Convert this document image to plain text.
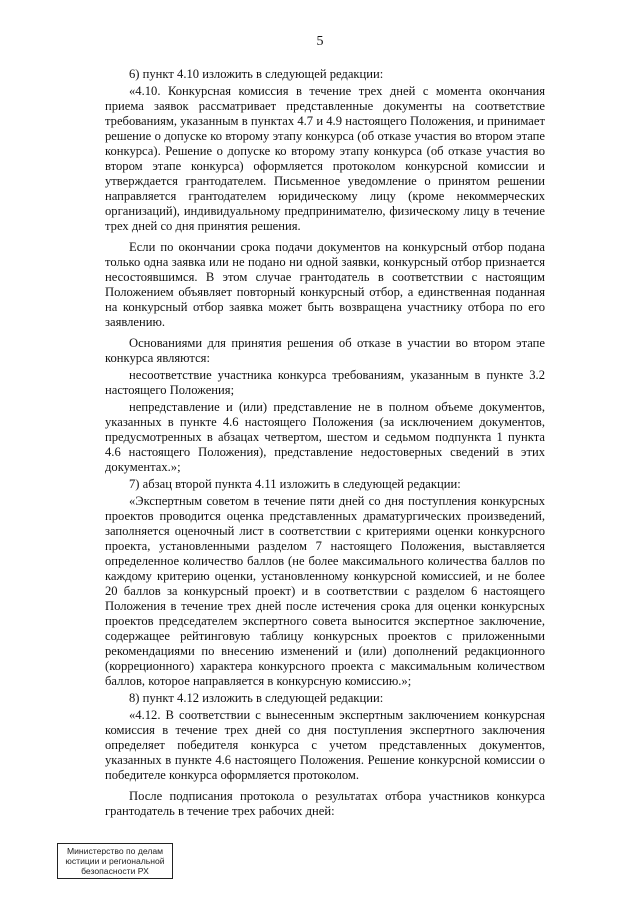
5

6) пункт 4.10 изложить в следующей редакции:

«4.10. Конкурсная комиссия в течение трех дней с момента окончания приема заявок рассматривает представленные документы на соответствие требованиям, указанным в пунктах 4.7 и 4.9 настоящего Положения, и принимает решение о допуске ко второму этапу конкурса (об отказе участия во втором этапе конкурса). Решение о допуске ко второму этапу конкурса (об отказе участия во втором этапе конкурса) оформляется протоколом конкурсной комиссии и утверждается грантодателем. Письменное уведомление о принятом решении направляется грантодателем юридическому лицу (кроме некоммерческих организаций), индивидуальному предпринимателю, физическому лицу в течение трех дней со дня принятия решения.

Если по окончании срока подачи документов на конкурсный отбор подана только одна заявка или не подано ни одной заявки, конкурсный отбор признается несостоявшимся. В этом случае грантодатель в соответствии с настоящим Положением объявляет повторный конкурсный отбор, а единственная поданная на конкурсный отбор заявка может быть возвращена участнику отбора по его заявлению.

Основаниями для принятия решения об отказе в участии во втором этапе конкурса являются:

несоответствие участника конкурса требованиям, указанным в пункте 3.2 настоящего Положения;

непредставление и (или) представление не в полном объеме документов, указанных в пункте 4.6 настоящего Положения (за исключением документов, предусмотренных в абзацах четвертом, шестом и седьмом подпункта 1 пункта 4.6 настоящего Положения), представление недостоверных сведений в этих документах.»;

7) абзац второй пункта 4.11 изложить в следующей редакции:

«Экспертным советом в течение пяти дней со дня поступления конкурсных проектов проводится оценка представленных драматургических произведений, заполняется оценочный лист в соответствии с критериями оценки конкурсного проекта, установленными разделом 7 настоящего Положения, выставляется определенное количество баллов (не более максимального количества баллов по каждому критерию оценки, установленному конкурсной комиссией, и не более 20 баллов за конкурсный проект) и в соответствии с разделом 6 настоящего Положения в течение трех дней после истечения срока для оценки конкурсных проектов председателем экспертного совета выносится экспертное заключение, содержащее рейтинговую таблицу конкурсных проектов с приложенными рекомендациями по внесению изменений и (или) дополнений редакционного (корреционного) характера конкурсного проекта с максимальным количеством баллов, которое направляется в конкурсную комиссию.»;

8) пункт 4.12 изложить в следующей редакции:

«4.12. В соответствии с вынесенным экспертным заключением конкурсная комиссия в течение трех дней со дня поступления экспертного заключения определяет победителя конкурса с учетом представленных документов, указанных в пункте 4.6 настоящего Положения. Решение конкурсной комиссии о победителе конкурса оформляется протоколом.

После подписания протокола о результатах отбора участников конкурса грантодатель в течение трех рабочих дней:

Министерство по делам
юстиции и региональной
безопасности РХ
